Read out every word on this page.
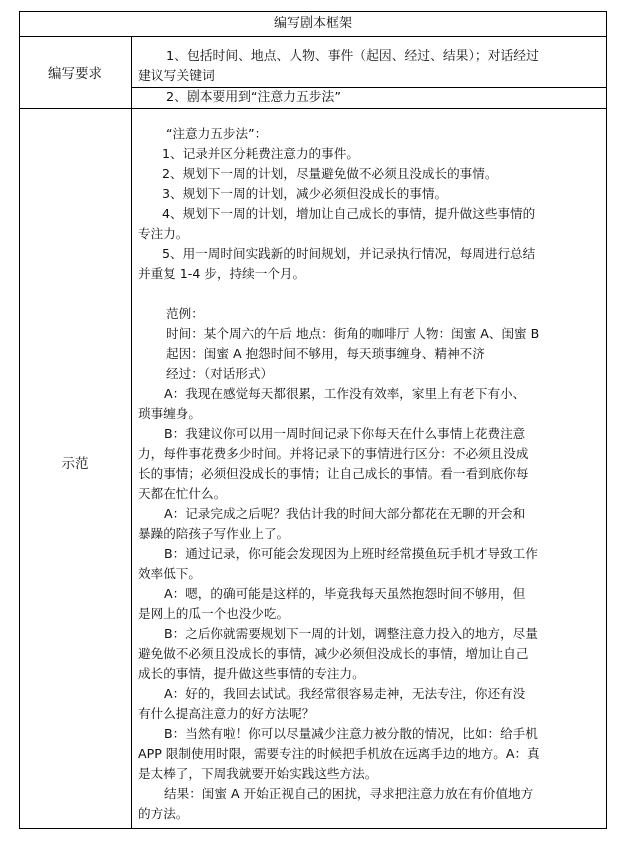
编写剧本框架
编写要求
1、包括时间、地点、人物、事件（起因、经过、结果）；对话经过
建议写关键词
2、剧本要用到“注意力五步法”
示范
“注意力五步法”：
1、记录并区分耗费注意力的事件。
2、规划下一周的计划，尽量避免做不必须且没成长的事情。
3、规划下一周的计划，减少必须但没成长的事情。
4、规划下一周的计划，增加让自己成长的事情，提升做这些事情的
专注力。
5、用一周时间实践新的时间规划，并记录执行情况，每周进行总结
并重复 1-4 步，持续一个月。
范例：
时间：某个周六的午后 地点：街角的咖啡厅 人物：闺蜜 A、闺蜜 B
起因：闺蜜 A 抱怨时间不够用，每天琐事缠身、精神不济
经过：（对话形式）
A：我现在感觉每天都很累，工作没有效率，家里上有老下有小、
琐事缠身。
B：我建议你可以用一周时间记录下你每天在什么事情上花费注意
力，每件事花费多少时间。并将记录下的事情进行区分：不必须且没成
长的事情；必须但没成长的事情；让自己成长的事情。看一看到底你每
天都在忙什么。
A：记录完成之后呢？我估计我的时间大部分都花在无聊的开会和
暴躁的陪孩子写作业上了。
B：通过记录，你可能会发现因为上班时经常摸鱼玩手机才导致工作
效率低下。
A：嗯，的确可能是这样的，毕竟我每天虽然抱怨时间不够用，但
是网上的瓜一个也没少吃。
B：之后你就需要规划下一周的计划，调整注意力投入的地方，尽量
避免做不必须且没成长的事情，减少必须但没成长的事情，增加让自己
成长的事情，提升做这些事情的专注力。
A：好的，我回去试试。我经常很容易走神，无法专注，你还有没
有什么提高注意力的好方法呢？
B：当然有啦！你可以尽量减少注意力被分散的情况，比如：给手机
APP 限制使用时限，需要专注的时候把手机放在远离手边的地方。A：真
是太棒了，下周我就要开始实践这些方法。
结果：闺蜜 A 开始正视自己的困扰，寻求把注意力放在有价值地方
的方法。
